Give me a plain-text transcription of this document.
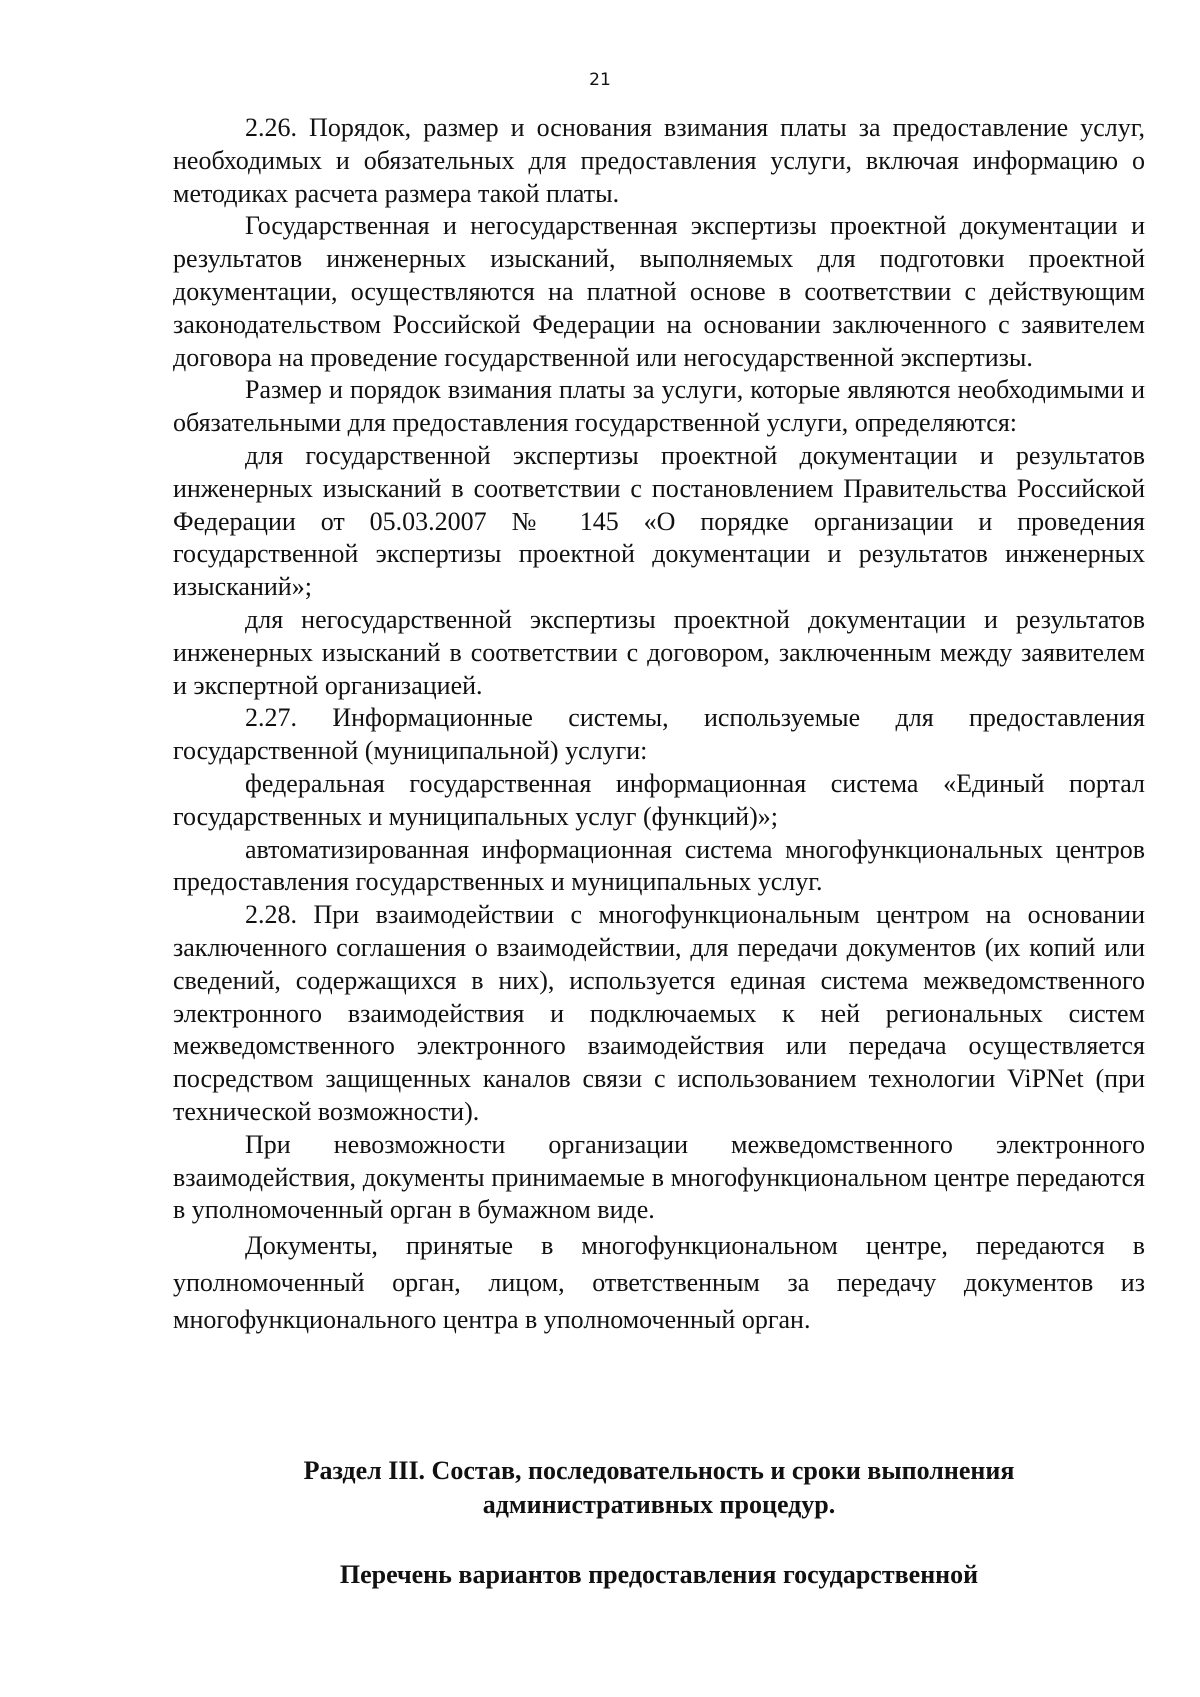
21

2.26. Порядок, размер и основания взимания платы за предоставление услуг, необходимых и обязательных для предоставления услуги, включая информацию о методиках расчета размера такой платы.

Государственная и негосударственная экспертизы проектной документации и результатов инженерных изысканий, выполняемых для подготовки проектной документации, осуществляются на платной основе в соответствии с действующим законодательством Российской Федерации на основании заключенного с заявителем договора на проведение государственной или негосударственной экспертизы.

Размер и порядок взимания платы за услуги, которые являются необходимыми и обязательными для предоставления государственной услуги, определяются:

для государственной экспертизы проектной документации и результатов инженерных изысканий в соответствии с постановлением Правительства Российской Федерации от 05.03.2007 № 145 «О порядке организации и проведения государственной экспертизы проектной документации и результатов инженерных изысканий»;

для негосударственной экспертизы проектной документации и результатов инженерных изысканий в соответствии с договором, заключенным между заявителем и экспертной организацией.

2.27. Информационные системы, используемые для предоставления государственной (муниципальной) услуги:

федеральная государственная информационная система «Единый портал государственных и муниципальных услуг (функций)»;

автоматизированная информационная система многофункциональных центров предоставления государственных и муниципальных услуг.

2.28. При взаимодействии с многофункциональным центром на основании заключенного соглашения о взаимодействии, для передачи документов (их копий или сведений, содержащихся в них), используется единая система межведомственного электронного взаимодействия и подключаемых к ней региональных систем межведомственного электронного взаимодействия или передача осуществляется посредством защищенных каналов связи с использованием технологии ViPNet (при технической возможности).

При невозможности организации межведомственного электронного взаимодействия, документы принимаемые в многофункциональном центре передаются в уполномоченный орган в бумажном виде.

Документы, принятые в многофункциональном центре, передаются в уполномоченный орган, лицом, ответственным за передачу документов из многофункционального центра в уполномоченный орган.

Раздел III. Состав, последовательность и сроки выполнения
административных процедур.
Перечень вариантов предоставления государственной
